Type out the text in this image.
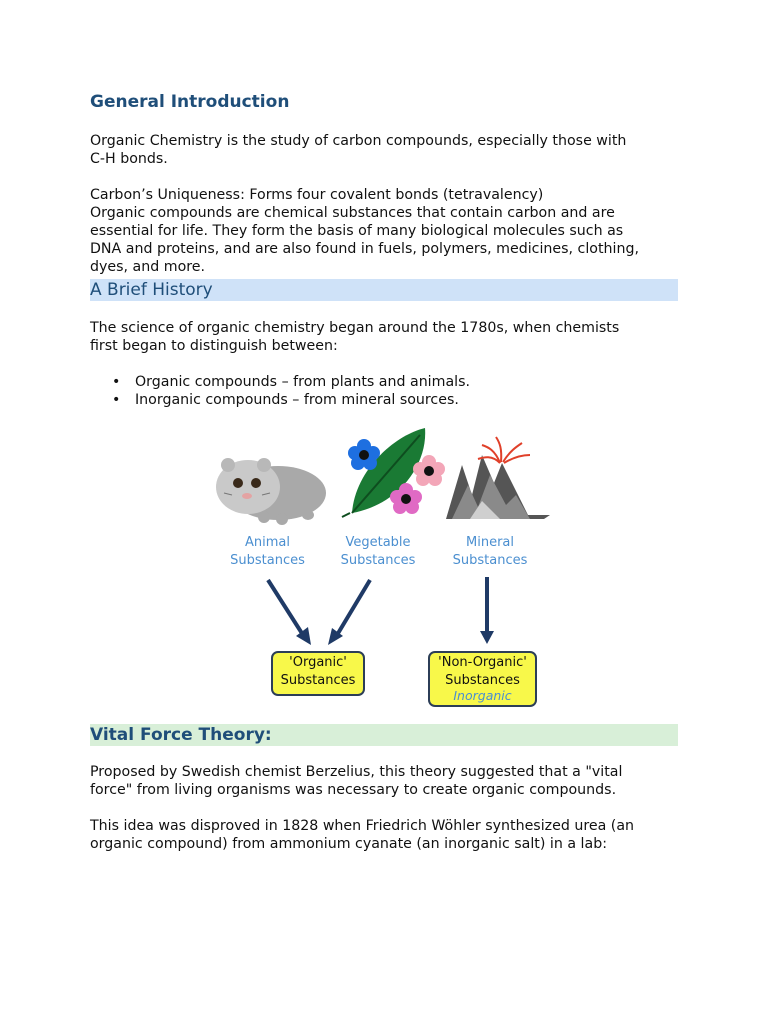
General Introduction

Organic Chemistry is the study of carbon compounds, especially those with
C-H bonds.

Carbon’s Uniqueness: Forms four covalent bonds (tetravalency)
Organic compounds are chemical substances that contain carbon and are
essential for life. They form the basis of many biological molecules such as
DNA and proteins, and are also found in fuels, polymers, medicines, clothing,
dyes, and more.

A Brief History

The science of organic chemistry began around the 1780s, when chemists
first began to distinguish between:

• Organic compounds – from plants and animals.
• Inorganic compounds – from mineral sources.
Vital Force Theory:

Proposed by Swedish chemist Berzelius, this theory suggested that a "vital
force" from living organisms was necessary to create organic compounds.

This idea was disproved in 1828 when Friedrich Wöhler synthesized urea (an
organic compound) from ammonium cyanate (an inorganic salt) in a lab:

Animal
Substances
Vegetable
Substances
Mineral
Substances
'Organic'
Substances
'Non-Organic'
Substances
Inorganic
